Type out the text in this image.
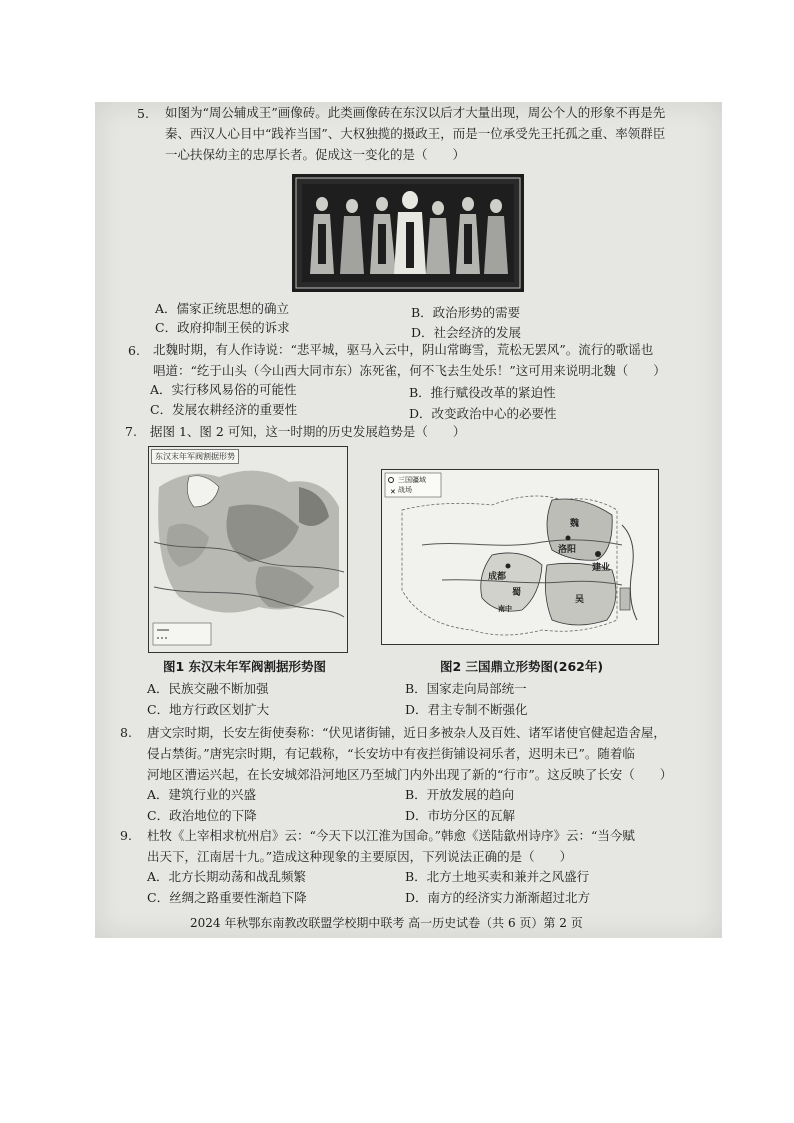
5. 如图为“周公辅成王”画像砖。此类画像砖在东汉以后才大量出现，周公个人的形象不再是先
秦、西汉人心目中“践祚当国”、大权独揽的摄政王，而是一位承受先王托孤之重、率领群臣
一心扶保幼主的忠厚长者。促成这一变化的是（　　）
A．儒家正统思想的确立	B．政治形势的需要
C．政府抑制王侯的诉求	D．社会经济的发展
6. 北魏时期，有人作诗说：“悲平城，驱马入云中，阴山常晦雪，荒松无罢风”。流行的歌谣也
唱道：“纥于山头（今山西大同市东）冻死雀，何不飞去生处乐！”这可用来说明北魏（　　）
A．实行移风易俗的可能性	B．推行赋役改革的紧迫性
C．发展农耕经济的重要性	D．改变政治中心的必要性
7. 据图 1、图 2 可知，这一时期的历史发展趋势是（　　）
东汉末年军阀割据形势
图1 东汉末年军阀割据形势图
✕
三国疆域
战场
魏
洛阳
成都
蜀
吴
建业
南中
图2 三国鼎立形势图(262年)
A．民族交融不断加强	B．国家走向局部统一
C．地方行政区划扩大	D．君主专制不断强化
8. 唐文宗时期，长安左街使奏称：“伏见诸街铺，近日多被杂人及百姓、诸军诸使官健起造舍屋，
侵占禁街。”唐宪宗时期，有记载称，“长安坊中有夜拦街铺设祠乐者，迟明未已”。随着临
河地区漕运兴起，在长安城郊沿河地区乃至城门内外出现了新的“行市”。这反映了长安（　　）
A．建筑行业的兴盛	B．开放发展的趋向
C．政治地位的下降	D．市坊分区的瓦解
9. 杜牧《上宰相求杭州启》云：“今天下以江淮为国命。”韩愈《送陆歙州诗序》云：“当今赋
出天下，江南居十九。”造成这种现象的主要原因，下列说法正确的是（　　）
A．北方长期动荡和战乱频繁	B．北方土地买卖和兼并之风盛行
C．丝绸之路重要性渐趋下降	D．南方的经济实力渐渐超过北方
2024 年秋鄂东南教改联盟学校期中联考 高一历史试卷（共 6 页）第 2 页
